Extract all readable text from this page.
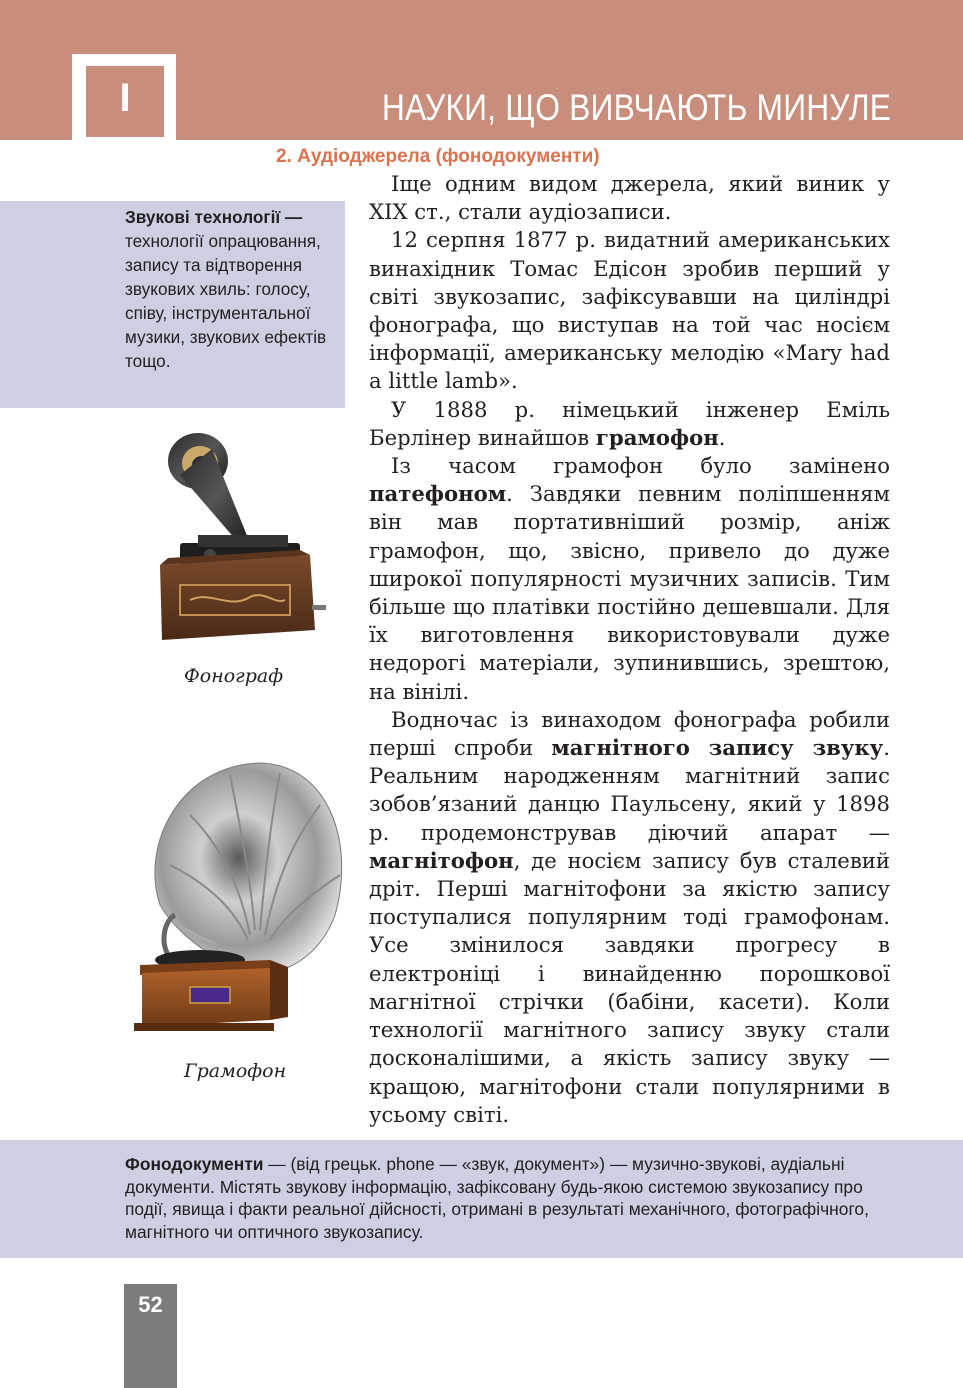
I	НАУКИ, ЩО ВИВЧАЮТЬ МИНУЛЕ
2. Аудіоджерела (фонодокументи)
Звукові технології — технології опрацювання, запису та відтворення звукових хвиль: голосу, співу, інструментальної музики, звукових ефектів тощо.
Фонограф
Грамофон

Іще одним видом джерела, який виник у XIX ст., стали аудіозаписи.

12 серпня 1877 р. видатний американських винахідник Томас Едісон зробив перший у світі звукозапис, зафіксувавши на циліндрі фонографа, що виступав на той час носієм інформації, американську мелодію «Mary had a little lamb».

У 1888 р. німецький інженер Еміль Берлінер винайшов грамофон.

Із часом грамофон було замінено патефоном. Завдяки певним поліпшенням він мав портативніший розмір, аніж грамофон, що, звісно, привело до дуже широкої популярності музичних записів. Тим більше що платівки постійно дешевшали. Для їх виготовлення використовували дуже недорогі матеріали, зупинившись, зрештою, на вінілі.

Водночас із винаходом фонографа робили перші спроби магнітного запису звуку. Реальним народженням магнітний запис зобов’язаний данцю Паульсену, який у 1898 р. продемонстрував діючий апарат — магнітофон, де носієм запису був сталевий дріт. Перші магнітофони за якістю запису поступалися популярним тоді грамофонам. Усе змінилося завдяки прогресу в електроніці і винайденню порошкової магнітної стрічки (бабіни, касети). Коли технології магнітного запису звуку стали досконалішими, а якість запису звуку — кращою, магнітофони стали популярними в усьому світі.

Фонодокументи — (від грецьк. phone — «звук, документ») — музично-звукові, аудіальні документи. Містять звукову інформацію, зафіксовану будь-якою системою звукозапису про події, явища і факти реальної дійсності, отримані в результаті механічного, фотографічного, магнітного чи оптичного звукозапису.
52
